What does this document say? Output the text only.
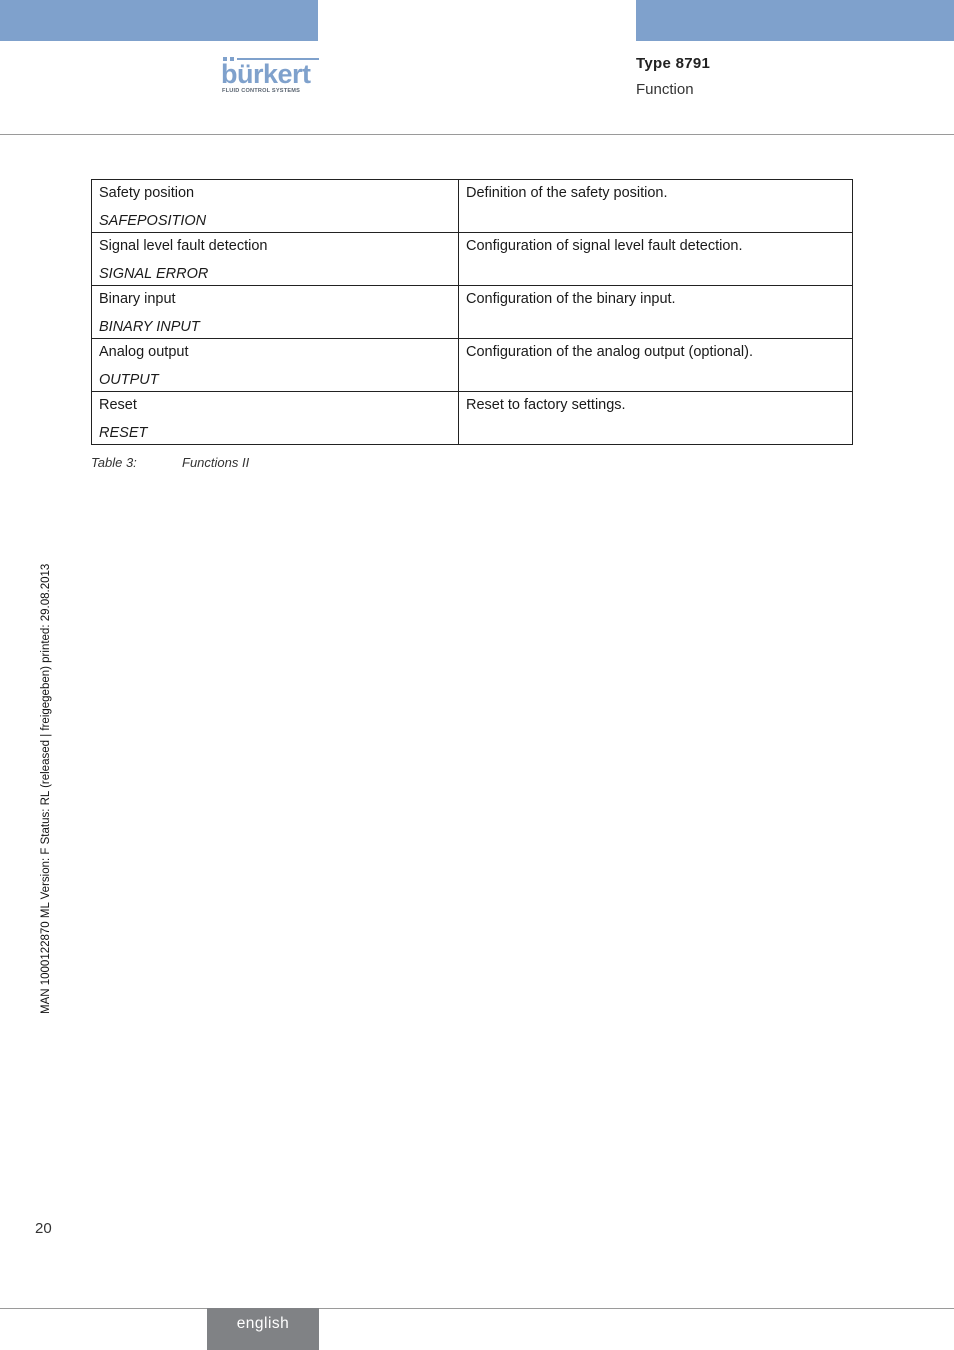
bürkert
FLUID CONTROL SYSTEMS
Type 8791
Function
Safety position
SAFEPOSITION	Definition of the safety position.

Signal level fault detection
SIGNAL ERROR	Configuration of signal level fault detection.

Binary input
BINARY INPUT	Configuration of the binary input.

Analog output
OUTPUT	Configuration of the analog output (optional).

Reset
RESET	Reset to factory settings.
Table 3:	Functions II
MAN 1000122870 ML Version: F Status: RL (released | freigegeben) printed: 29.08.2013
20
english
